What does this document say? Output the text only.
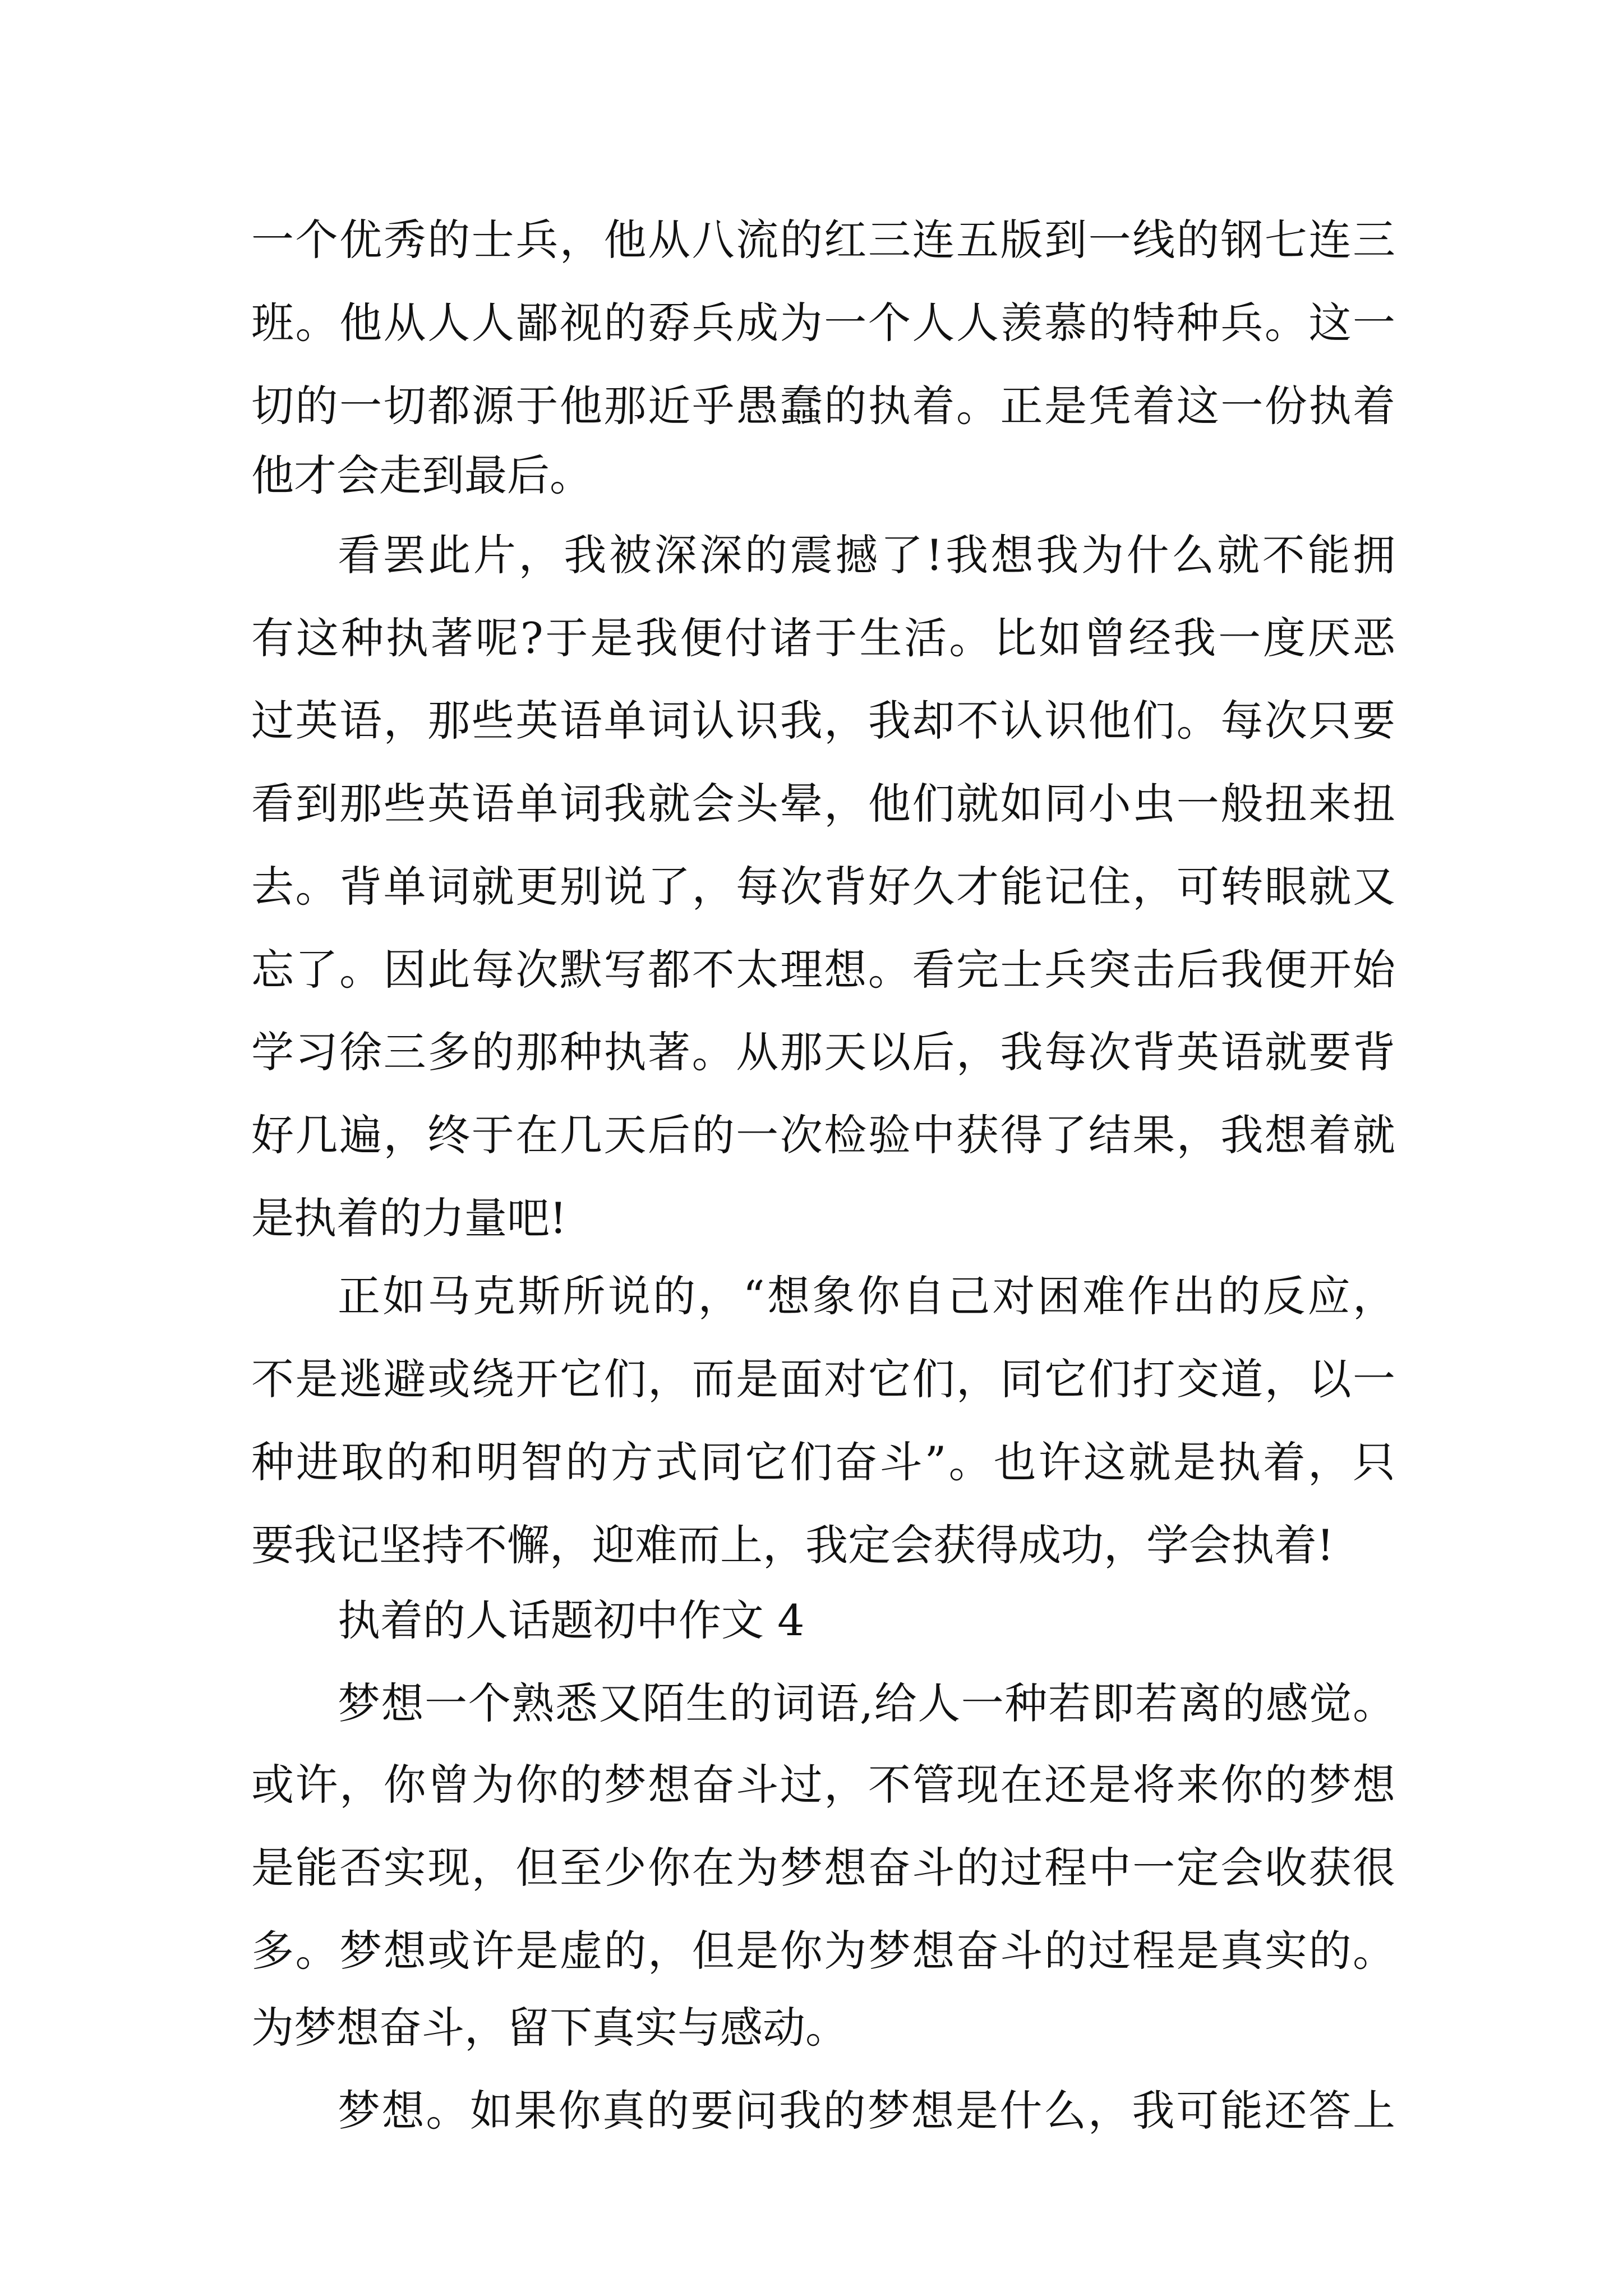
一个优秀的士兵，他从八流的红三连五版到一线的钢七连三
班。他从人人鄙视的孬兵成为一个人人羡慕的特种兵。这一
切的一切都源于他那近乎愚蠢的执着。正是凭着这一份执着
他才会走到最后。
看罢此片，我被深深的震撼了!我想我为什么就不能拥
有这种执著呢?于是我便付诸于生活。比如曾经我一度厌恶
过英语，那些英语单词认识我，我却不认识他们。每次只要
看到那些英语单词我就会头晕，他们就如同小虫一般扭来扭
去。背单词就更别说了，每次背好久才能记住，可转眼就又
忘了。因此每次默写都不太理想。看完士兵突击后我便开始
学习徐三多的那种执著。从那天以后，我每次背英语就要背
好几遍，终于在几天后的一次检验中获得了结果，我想着就
是执着的力量吧!
正如马克斯所说的，“想象你自己对困难作出的反应，
不是逃避或绕开它们，而是面对它们，同它们打交道，以一
种进取的和明智的方式同它们奋斗”。也许这就是执着，只
要我记坚持不懈，迎难而上，我定会获得成功，学会执着!
执着的人话题初中作文 4
梦想一个熟悉又陌生的词语,给人一种若即若离的感觉。
或许，你曾为你的梦想奋斗过，不管现在还是将来你的梦想
是能否实现，但至少你在为梦想奋斗的过程中一定会收获很
多。梦想或许是虚的，但是你为梦想奋斗的过程是真实的。
为梦想奋斗，留下真实与感动。
梦想。如果你真的要问我的梦想是什么，我可能还答上
